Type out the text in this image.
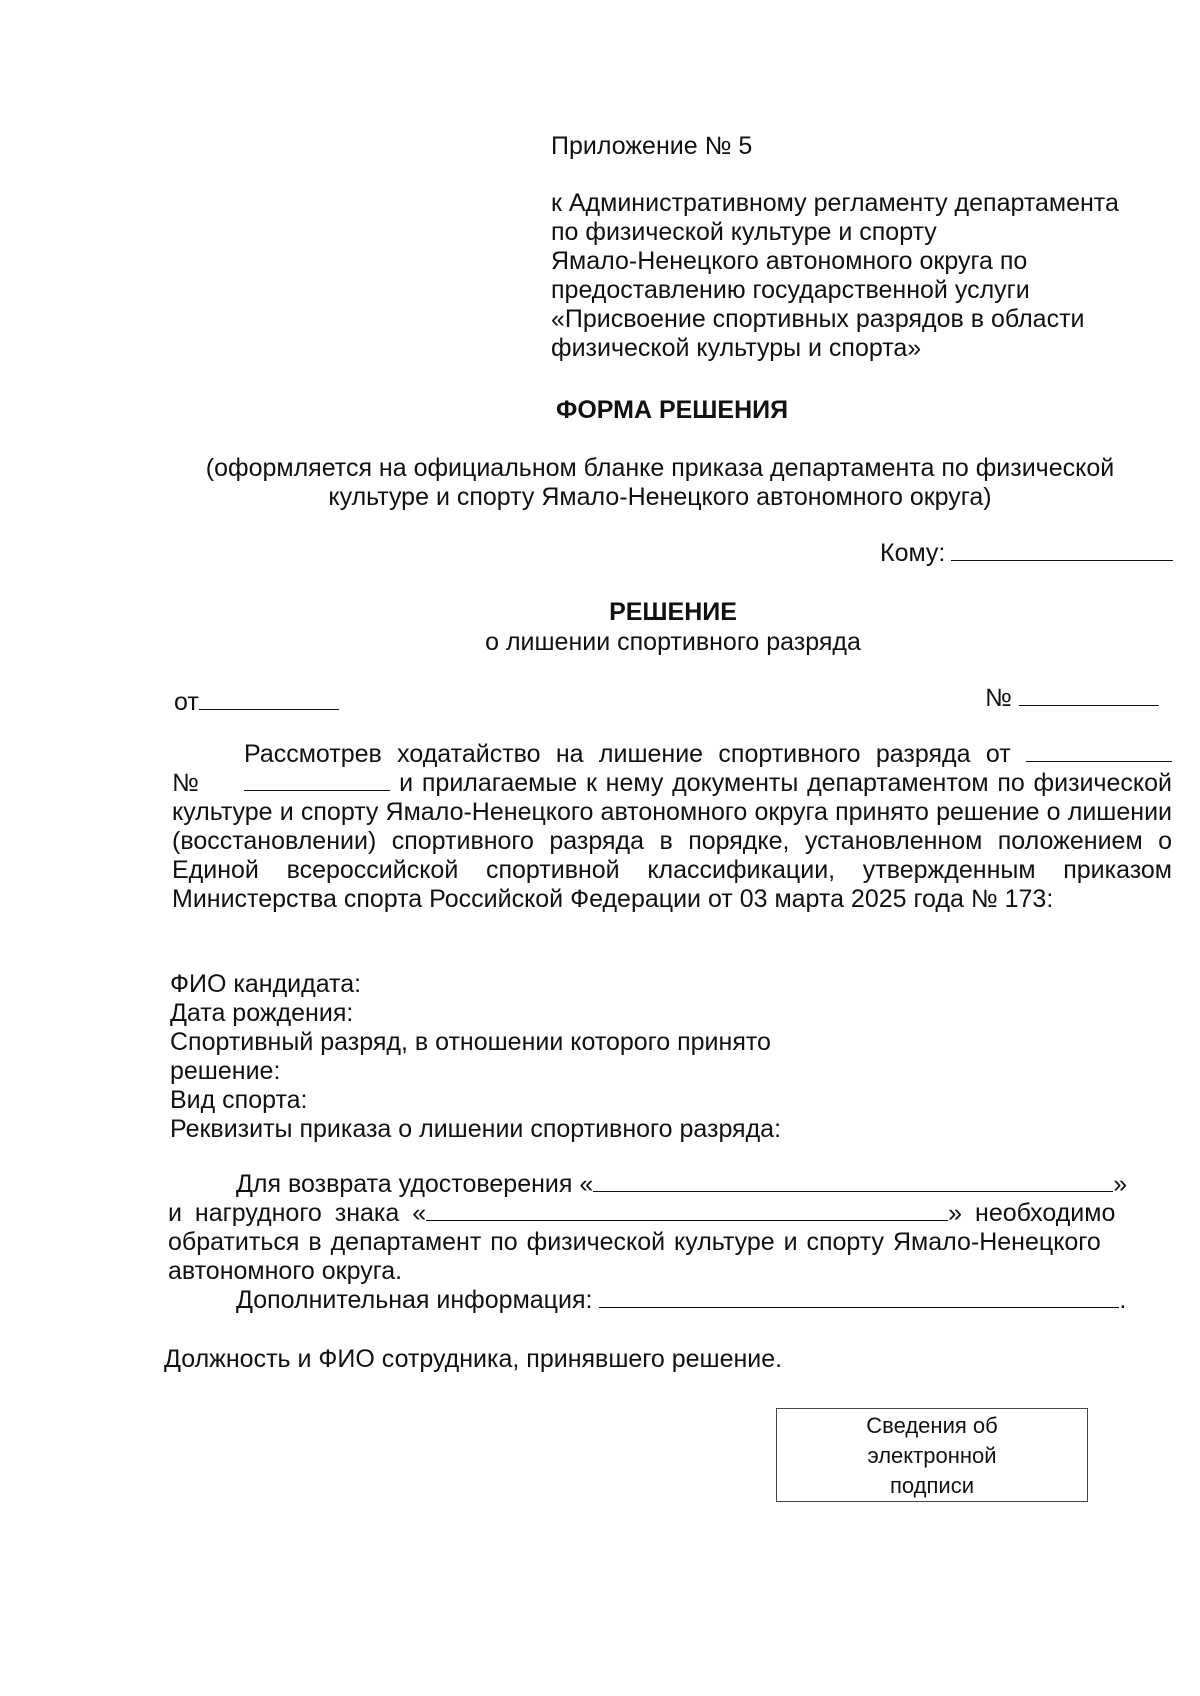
Приложение № 5
к Административному регламенту департамента
по физической культуре и спорту
Ямало-Ненецкого автономного округа по
предоставлению государственной услуги
«Присвоение спортивных разрядов в области
физической культуры и спорта»
ФОРМА РЕШЕНИЯ
(оформляется на официальном бланке приказа департамента по физической культуре и спорту Ямало-Ненецкого автономного округа)
Кому:
РЕШЕНИЕ
о лишении спортивного разряда
от	№
Рассмотрев ходатайство на лишение спортивного разряда от  №	и прилагаемые к нему документы департаментом по физической культуре и спорту Ямало-Ненецкого автономного округа принято решение о лишении (восстановлении) спортивного разряда в порядке, установленном положением о Единой всероссийской спортивной классификации, утвержденным приказом Министерства спорта Российской Федерации от 03 марта 2025 года № 173:
ФИО кандидата:
Дата рождения:
Спортивный разряд, в отношении которого принято
решение:
Вид спорта:
Реквизиты приказа о лишении спортивного разряда:
Для возврата удостоверения «	»
и нагрудного знака «	» необходимо
обратиться в департамент по физической культуре и спорту Ямало-Ненецкого
автономного округа.
Дополнительная информация:	.
Должность и ФИО сотрудника, принявшего решение.
Сведения об
электронной
подписи
